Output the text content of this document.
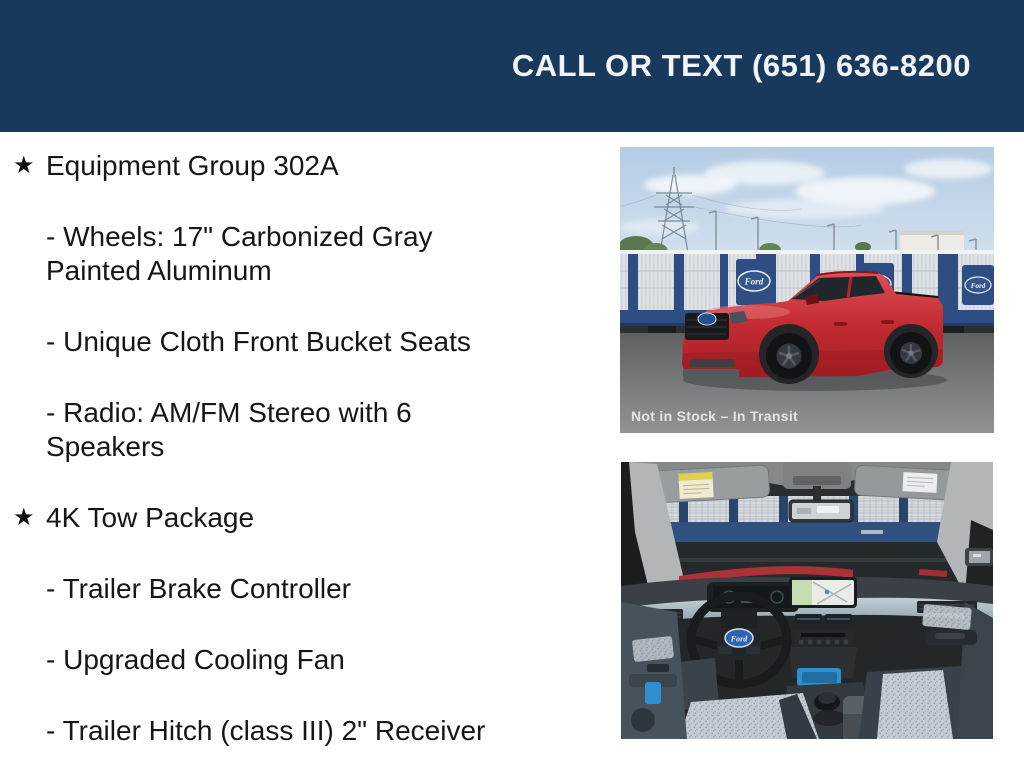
CALL OR TEXT (651) 636-8200
★ Equipment Group 302A
- Wheels: 17" Carbonized Gray
Painted Aluminum
- Unique Cloth Front Bucket Seats
- Radio: AM/FM Stereo with 6
Speakers
★ 4K Tow Package
- Trailer Brake Controller
- Upgraded Cooling Fan
- Trailer Hitch (class III) 2" Receiver
Ford	Ford
Not in Stock – In Transit
Ford
